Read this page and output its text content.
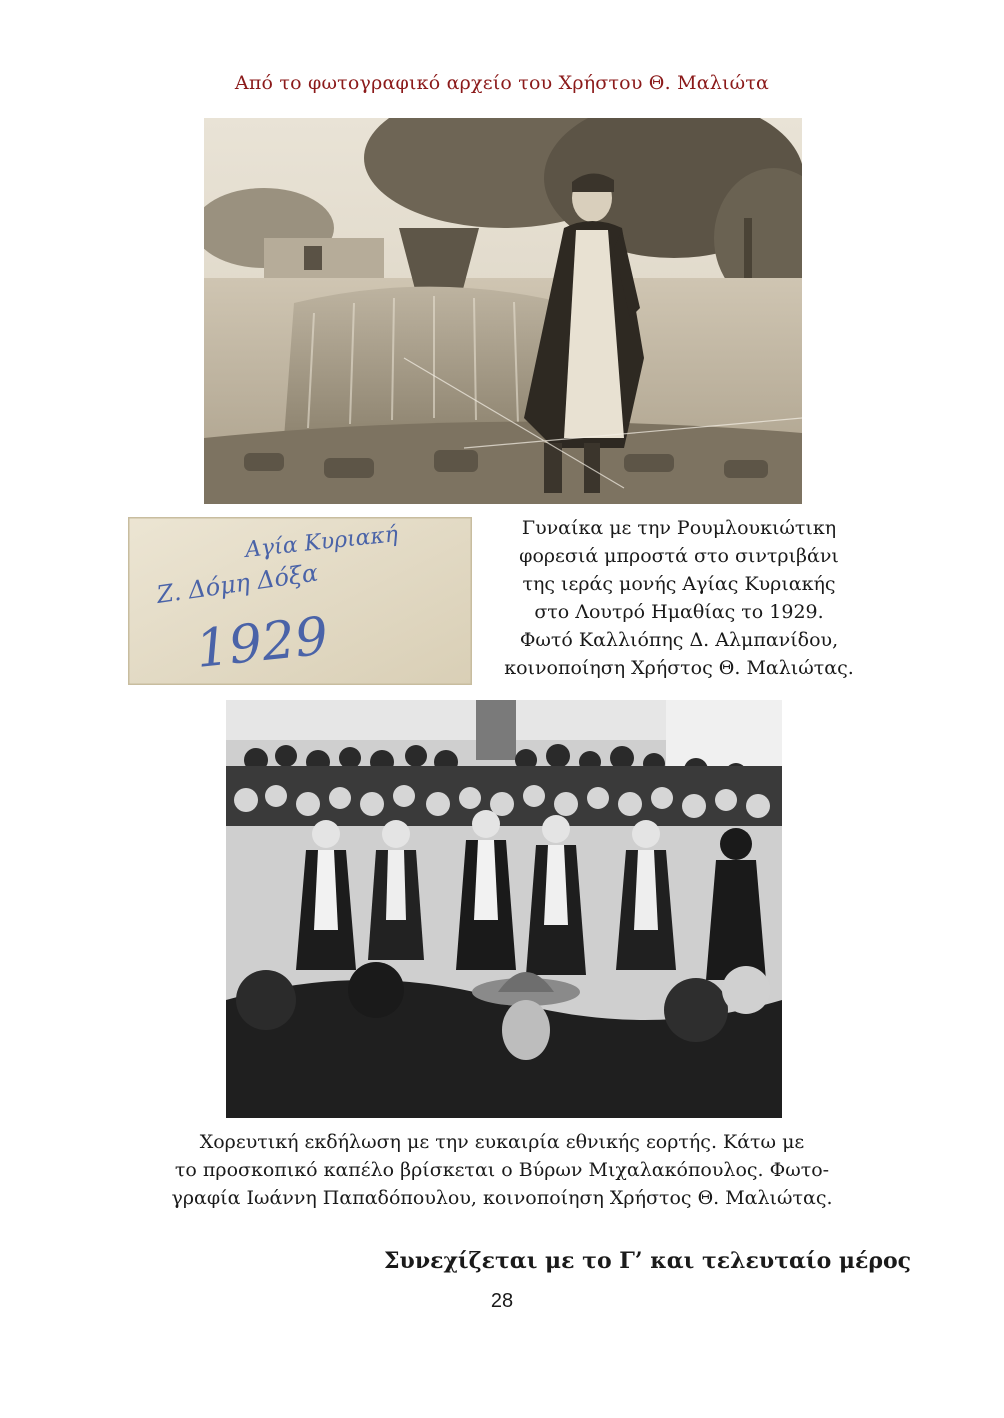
Από το φωτογραφικό αρχείο του Χρήστου Θ. Μαλιώτα
Αγία Κυριακή
Ζ. Δόμη Δόξα
1929
Γυναίκα με την Ρουμλουκιώτικη
φορεσιά μπροστά στο σιντριβάνι
της ιεράς μονής Αγίας Κυριακής
στο Λουτρό Ημαθίας το 1929.
Φωτό Καλλιόπης Δ. Αλμπανίδου,
κοινοποίηση Χρήστος Θ. Μαλιώτας.
Χορευτική εκδήλωση με την ευκαιρία εθνικής εορτής. Κάτω με
το προσκοπικό καπέλο βρίσκεται ο Βύρων Μιχαλακόπουλος. Φωτο-
γραφία Ιωάννη Παπαδόπουλου, κοινοποίηση Χρήστος Θ. Μαλιώτας.
Συνεχίζεται με το Γ’ και τελευταίο μέρος
28
